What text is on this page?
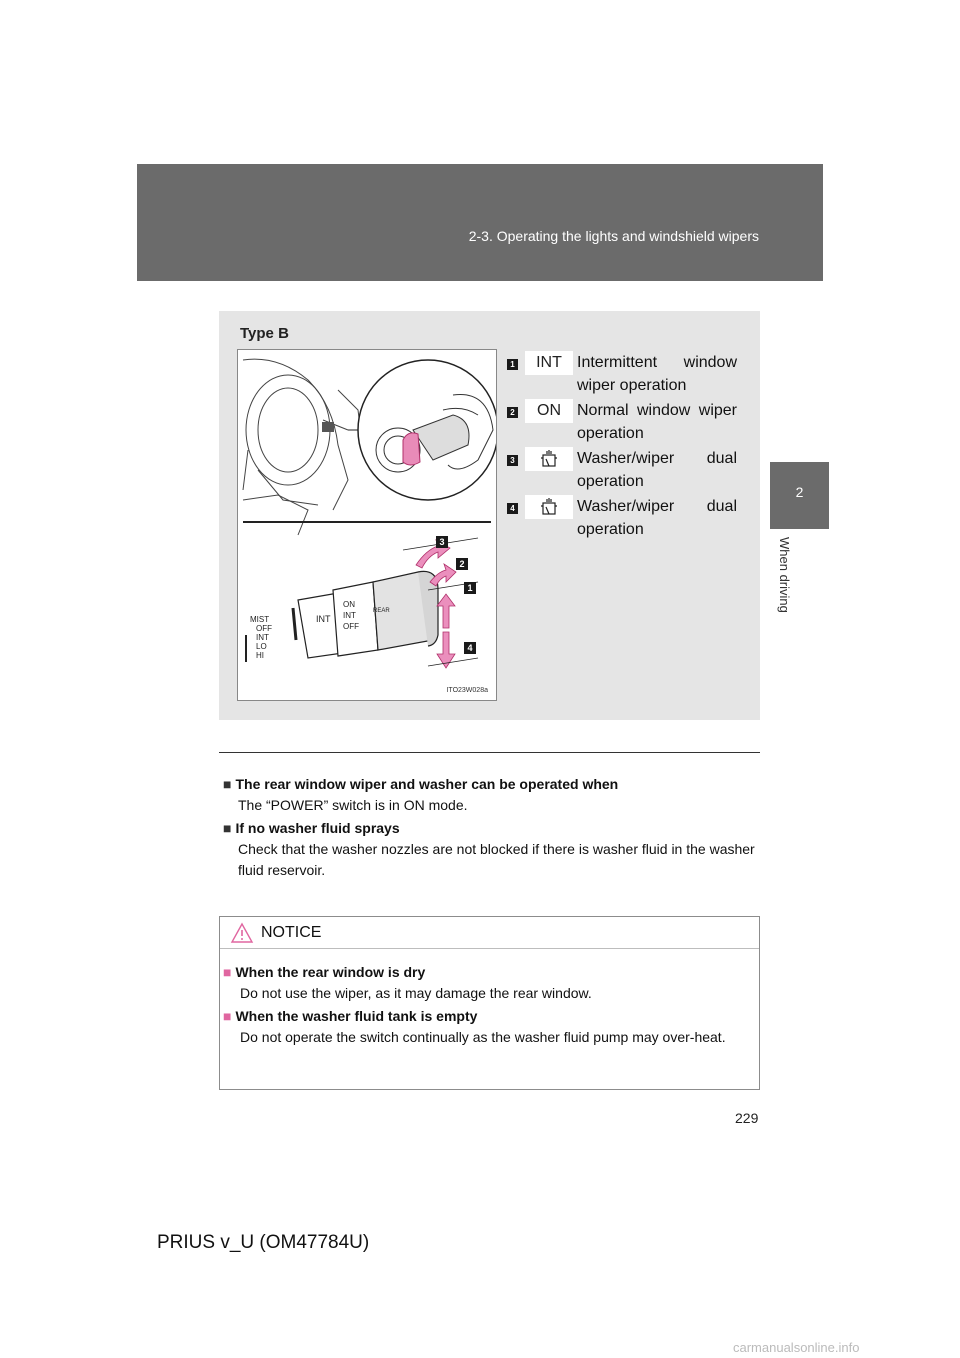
2-3. Operating the lights and windshield wipers
2
When driving
Type B
MIST
OFF
INT
LO
HI
INT
ON
INT
OFF
REAR
3
2
1
4
ITO23W028a
1	INT Intermittent window wiper operation
2	ON	Normal window wiper operation
3	Washer/wiper dual operation
4	Washer/wiper dual operation
■ The rear window wiper and washer can be operated when
The “POWER” switch is in ON mode.
■ If no washer fluid sprays
Check that the washer nozzles are not blocked if there is washer fluid in the washer fluid reservoir.
NOTICE
■ When the rear window is dry
Do not use the wiper, as it may damage the rear window.
■ When the washer fluid tank is empty
Do not operate the switch continually as the washer fluid pump may over-heat.
229
PRIUS v_U (OM47784U)
carmanualsonline.info
